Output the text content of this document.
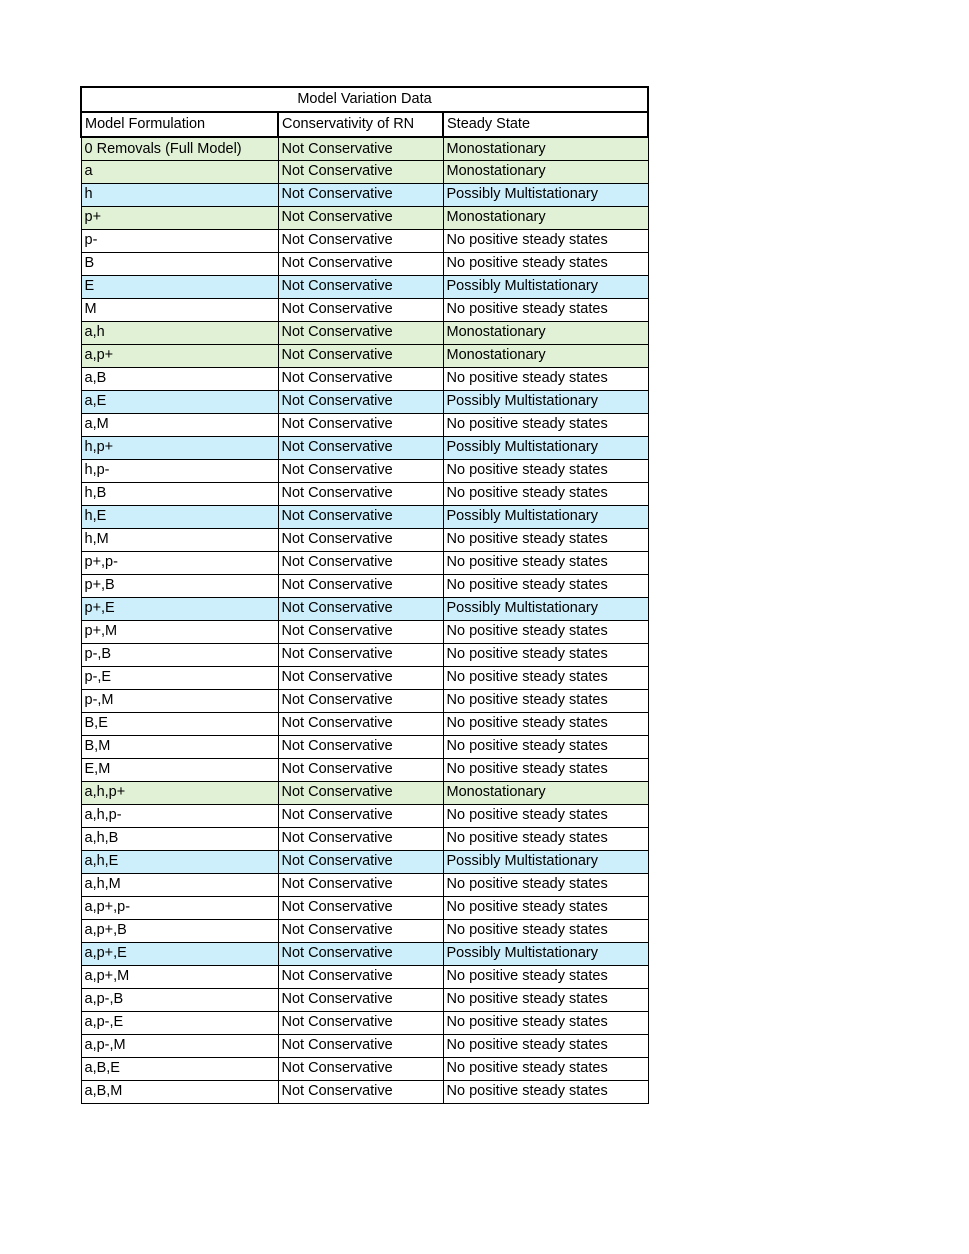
Model Variation Data		
Model Formulation	Conservativity of RN	Steady State
0 Removals (Full Model)	Not Conservative	Monostationary
a	Not Conservative	Monostationary
h	Not Conservative	Possibly Multistationary
p+	Not Conservative	Monostationary
p-	Not Conservative	No positive steady states
B	Not Conservative	No positive steady states
E	Not Conservative	Possibly Multistationary
M	Not Conservative	No positive steady states
a,h	Not Conservative	Monostationary
a,p+	Not Conservative	Monostationary
a,B	Not Conservative	No positive steady states
a,E	Not Conservative	Possibly Multistationary
a,M	Not Conservative	No positive steady states
h,p+	Not Conservative	Possibly Multistationary
h,p-	Not Conservative	No positive steady states
h,B	Not Conservative	No positive steady states
h,E	Not Conservative	Possibly Multistationary
h,M	Not Conservative	No positive steady states
p+,p-	Not Conservative	No positive steady states
p+,B	Not Conservative	No positive steady states
p+,E	Not Conservative	Possibly Multistationary
p+,M	Not Conservative	No positive steady states
p-,B	Not Conservative	No positive steady states
p-,E	Not Conservative	No positive steady states
p-,M	Not Conservative	No positive steady states
B,E	Not Conservative	No positive steady states
B,M	Not Conservative	No positive steady states
E,M	Not Conservative	No positive steady states
a,h,p+	Not Conservative	Monostationary
a,h,p-	Not Conservative	No positive steady states
a,h,B	Not Conservative	No positive steady states
a,h,E	Not Conservative	Possibly Multistationary
a,h,M	Not Conservative	No positive steady states
a,p+,p-	Not Conservative	No positive steady states
a,p+,B	Not Conservative	No positive steady states
a,p+,E	Not Conservative	Possibly Multistationary
a,p+,M	Not Conservative	No positive steady states
a,p-,B	Not Conservative	No positive steady states
a,p-,E	Not Conservative	No positive steady states
a,p-,M	Not Conservative	No positive steady states
a,B,E	Not Conservative	No positive steady states
a,B,M	Not Conservative	No positive steady states
